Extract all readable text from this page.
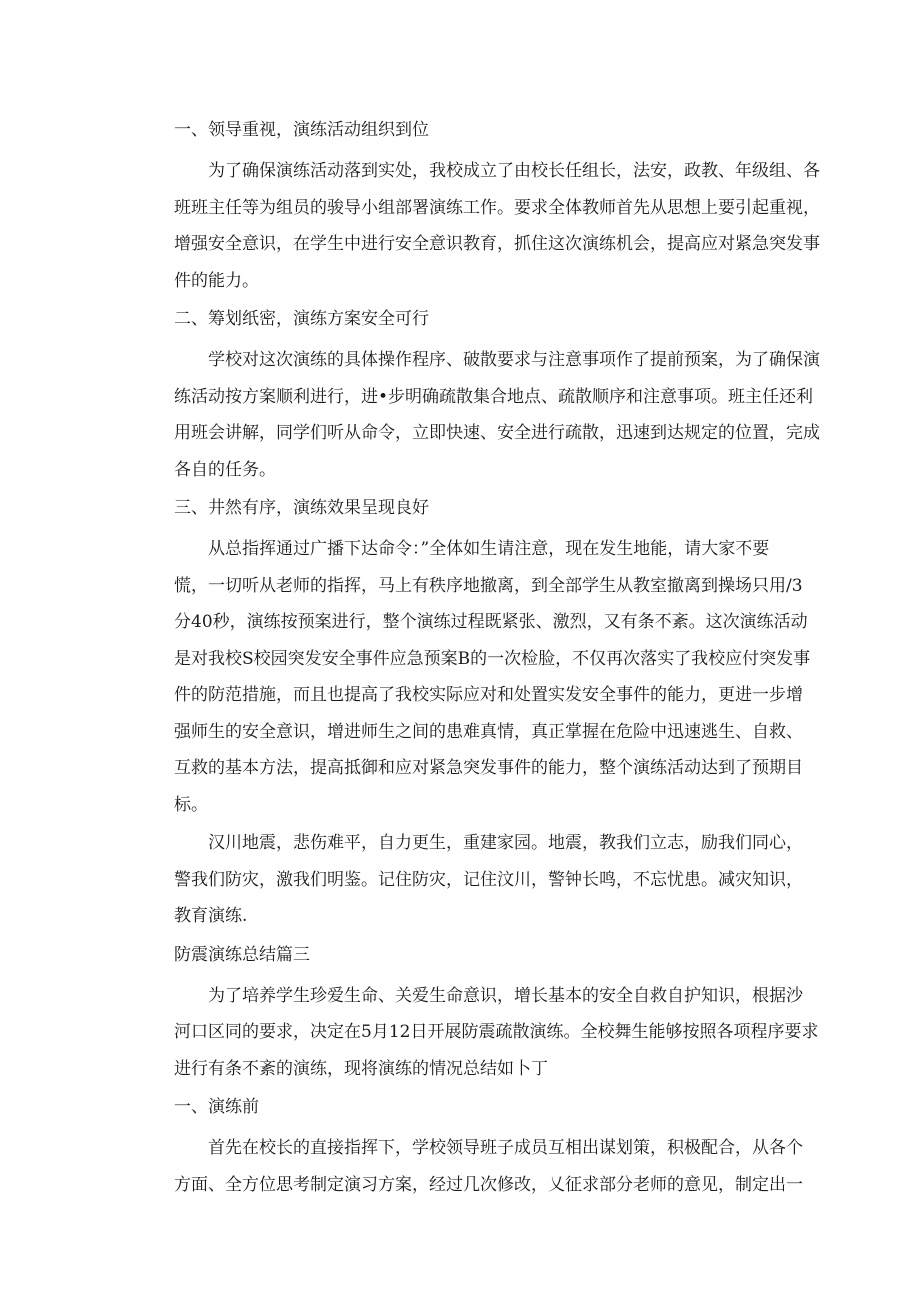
一、领导重视，演练活动组织到位
为了确保演练活动落到实处，我校成立了由校长任组长，法安，政教、年级组、各
班班主任等为组员的骏导小组部署演练工作。要求全体教师首先从思想上要引起重视，
增强安全意识，在学生中进行安全意识教育，抓住这次演练机会，提高应对紧急突发事
件的能力。
二、筹划纸密，演练方案安全可行
学校对这次演练的具体操作程序、破散要求与注意事项作了提前预案，为了确保演
练活动按方案顺利进行，进•步明确疏散集合地点、疏散顺序和注意事项。班主任还利
用班会讲解，同学们听从命令，立即快速、安全进行疏散，迅速到达规定的位置，完成
各自的任务。
三、井然有序，演练效果呈现良好
从总指挥通过广播下达命令：”全体如生请注意，现在发生地能，请大家不要
慌，一切听从老师的指挥，马上有秩序地撤离，到全部学生从教室撤离到操场只用/3
分40秒，演练按预案进行，整个演练过程既紧张、激烈，又有条不紊。这次演练活动
是对我校S校园突发安全事件应急预案B的一次检脸，不仅再次落实了我校应付突发事
件的防范措施，而且也提高了我校实际应对和处置实发安全事件的能力，更进一步增
强师生的安全意识，增进师生之间的患难真情，真正掌握在危险中迅速逃生、自救、
互救的基本方法，提高抵御和应对紧急突发事件的能力，整个演练活动达到了预期目
标。
汉川地震，悲伤难平，自力更生，重建家园。地震，教我们立志，励我们同心，
警我们防灾，激我们明鉴。记住防灾，记住汶川，警钟长鸣，不忘忧患。减灾知识，
教育演练.
防震演练总结篇三
为了培养学生珍爱生命、关爱生命意识，增长基本的安全自救自护知识，根据沙
河口区同的要求，决定在5月12日开展防震疏散演练。全校舞生能够按照各项程序要求
进行有条不紊的演练，现将演练的情况总结如卜丁
一、演练前
首先在校长的直接指挥下，学校领导班子成员互相出谋划策，积极配合，从各个
方面、全方位思考制定演习方案，经过几次修改，乂征求部分老师的意见，制定出一
